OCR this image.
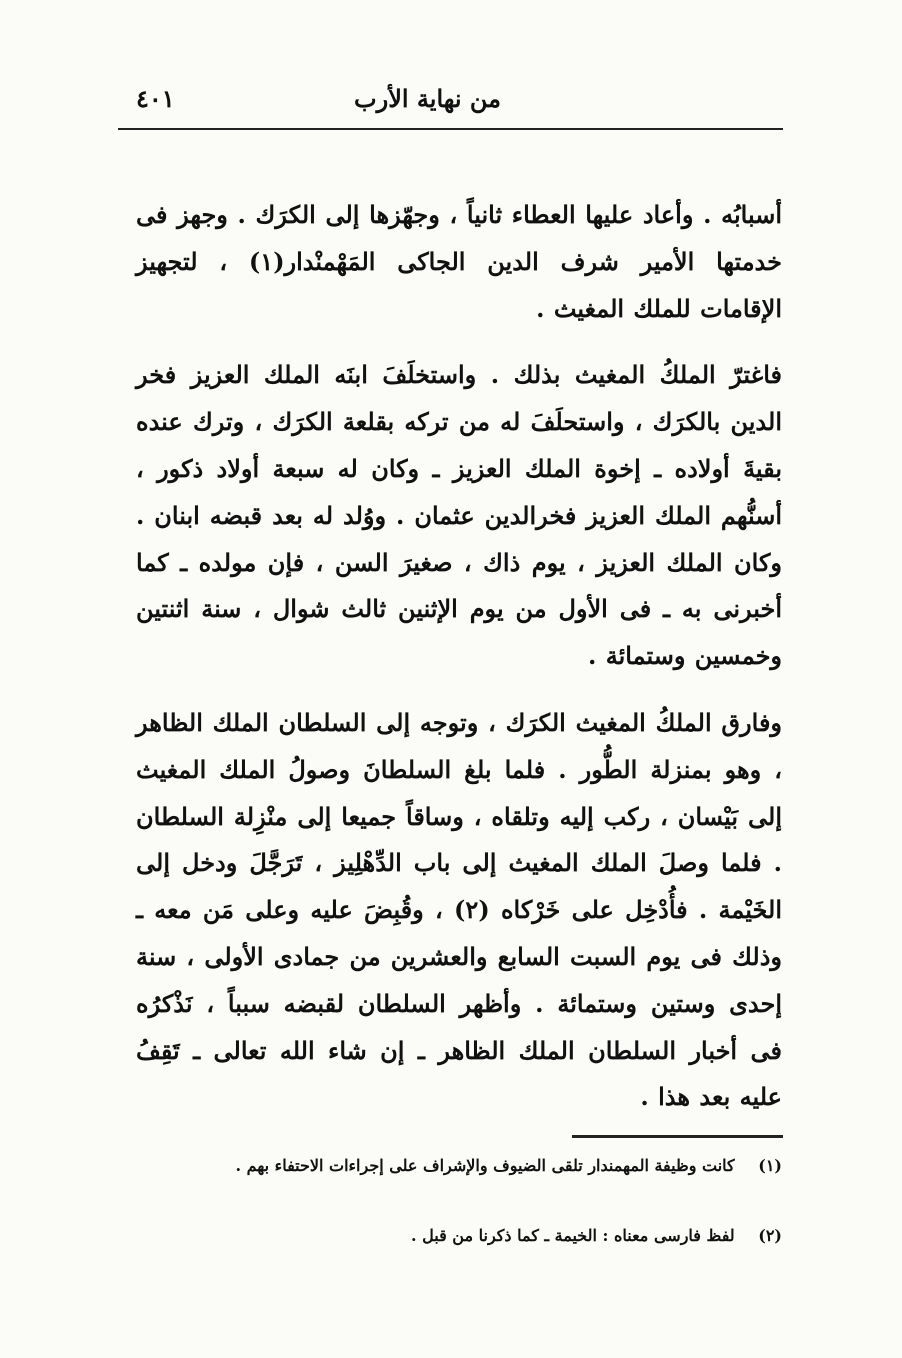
من نهاية الأرب
٤٠١

أسبابُه . وأعاد عليها العطاء ثانياً ، وجهّزها إلى الكرَك . وجهز فى خدمتها الأمير شرف الدين الجاكى المَهْمنْدار(١) ، لتجهيز الإقامات للملك المغيث .

فاغترّ الملكُ المغيث بذلك . واستخلَفَ ابنَه الملك العزيز فخر الدين بالكرَك ، واستحلَفَ له من تركه بقلعة الكرَك ، وترك عنده بقيةَ أولاده ـ إخوة الملك العزيز ـ وكان له سبعة أولاد ذكور ، أسنُّهم الملك العزيز فخرالدين عثمان . ووُلد له بعد قبضه ابنان . وكان الملك العزيز ، يوم ذاك ، صغيرَ السن ، فإن مولده ـ كما أخبرنى به ـ فى الأول من يوم الإثنين ثالث شوال ، سنة اثنتين وخمسين وستمائة .

وفارق الملكُ المغيث الكرَك ، وتوجه إلى السلطان الملك الظاهر ، وهو بمنزلة الطُّور . فلما بلغ السلطانَ وصولُ الملك المغيث إلى بَيْسان ، ركب إليه وتلقاه ، وساقاً جميعا إلى منْزِلة السلطان . فلما وصلَ الملك المغيث إلى باب الدِّهْلِيز ، تَرَجَّلَ ودخل إلى الخَيْمة . فأُدْخِل على خَرْكاه (٢) ، وقُبِضَ عليه وعلى مَن معه ـ وذلك فى يوم السبت السابع والعشرين من جمادى الأولى ، سنة إحدى وستين وستمائة . وأظهر السلطان لقبضه سبباً ، نَذْكرُه فى أخبار السلطان الملك الظاهر ـ إن شاء الله تعالى ـ تَقِفُ عليه بعد هذا .

(١) كانت وظيفة المهمندار تلقى الضيوف والإشراف على إجراءات الاحتفاء بهم .
(٢) لفظ فارسى معناه : الخيمة ـ كما ذكرنا من قبل .
